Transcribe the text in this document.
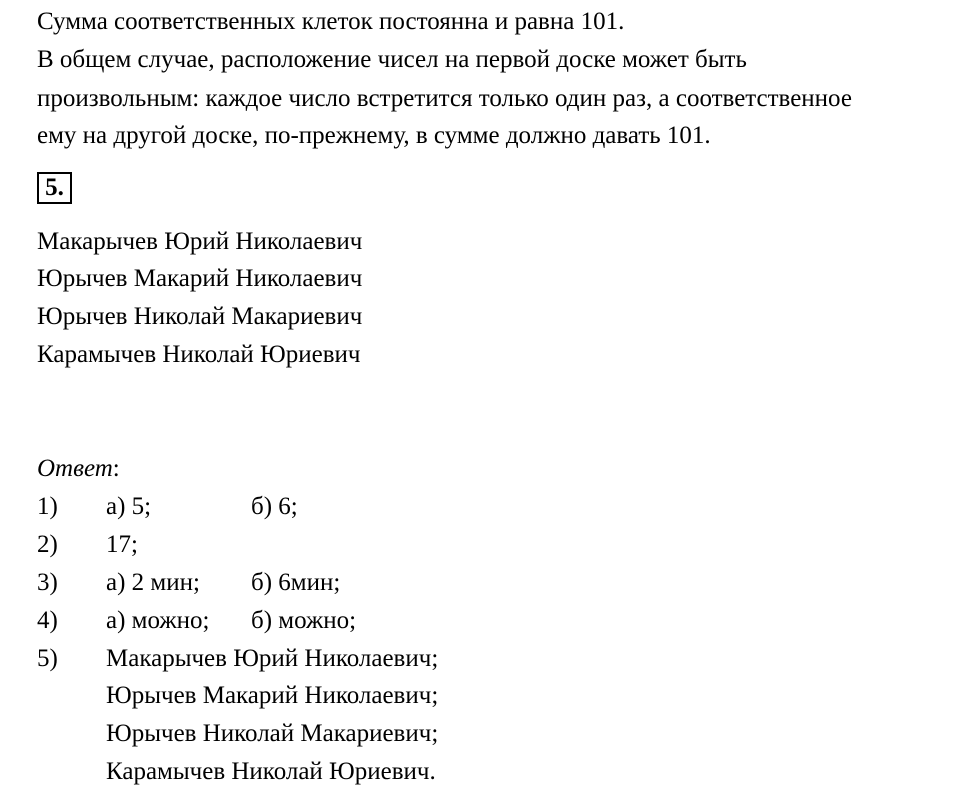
Сумма соответственных клеток постоянна и равна 101.
В общем случае, расположение чисел на первой доске может быть
произвольным: каждое число встретится только один раз, а соответственное
ему на другой доске, по-прежнему, в сумме должно давать 101.
5.
Макарычев Юрий Николаевич
Юрычев Макарий Николаевич
Юрычев Николай Макариевич
Карамычев Николай Юриевич
Ответ:
1) а) 5;	б) 6;
2) 17;
3) а) 2 мин; б) 6мин;
4) а) можно; б) можно;
5) Макарычев Юрий Николаевич;
Юрычев Макарий Николаевич;
Юрычев Николай Макариевич;
Карамычев Николай Юриевич.
